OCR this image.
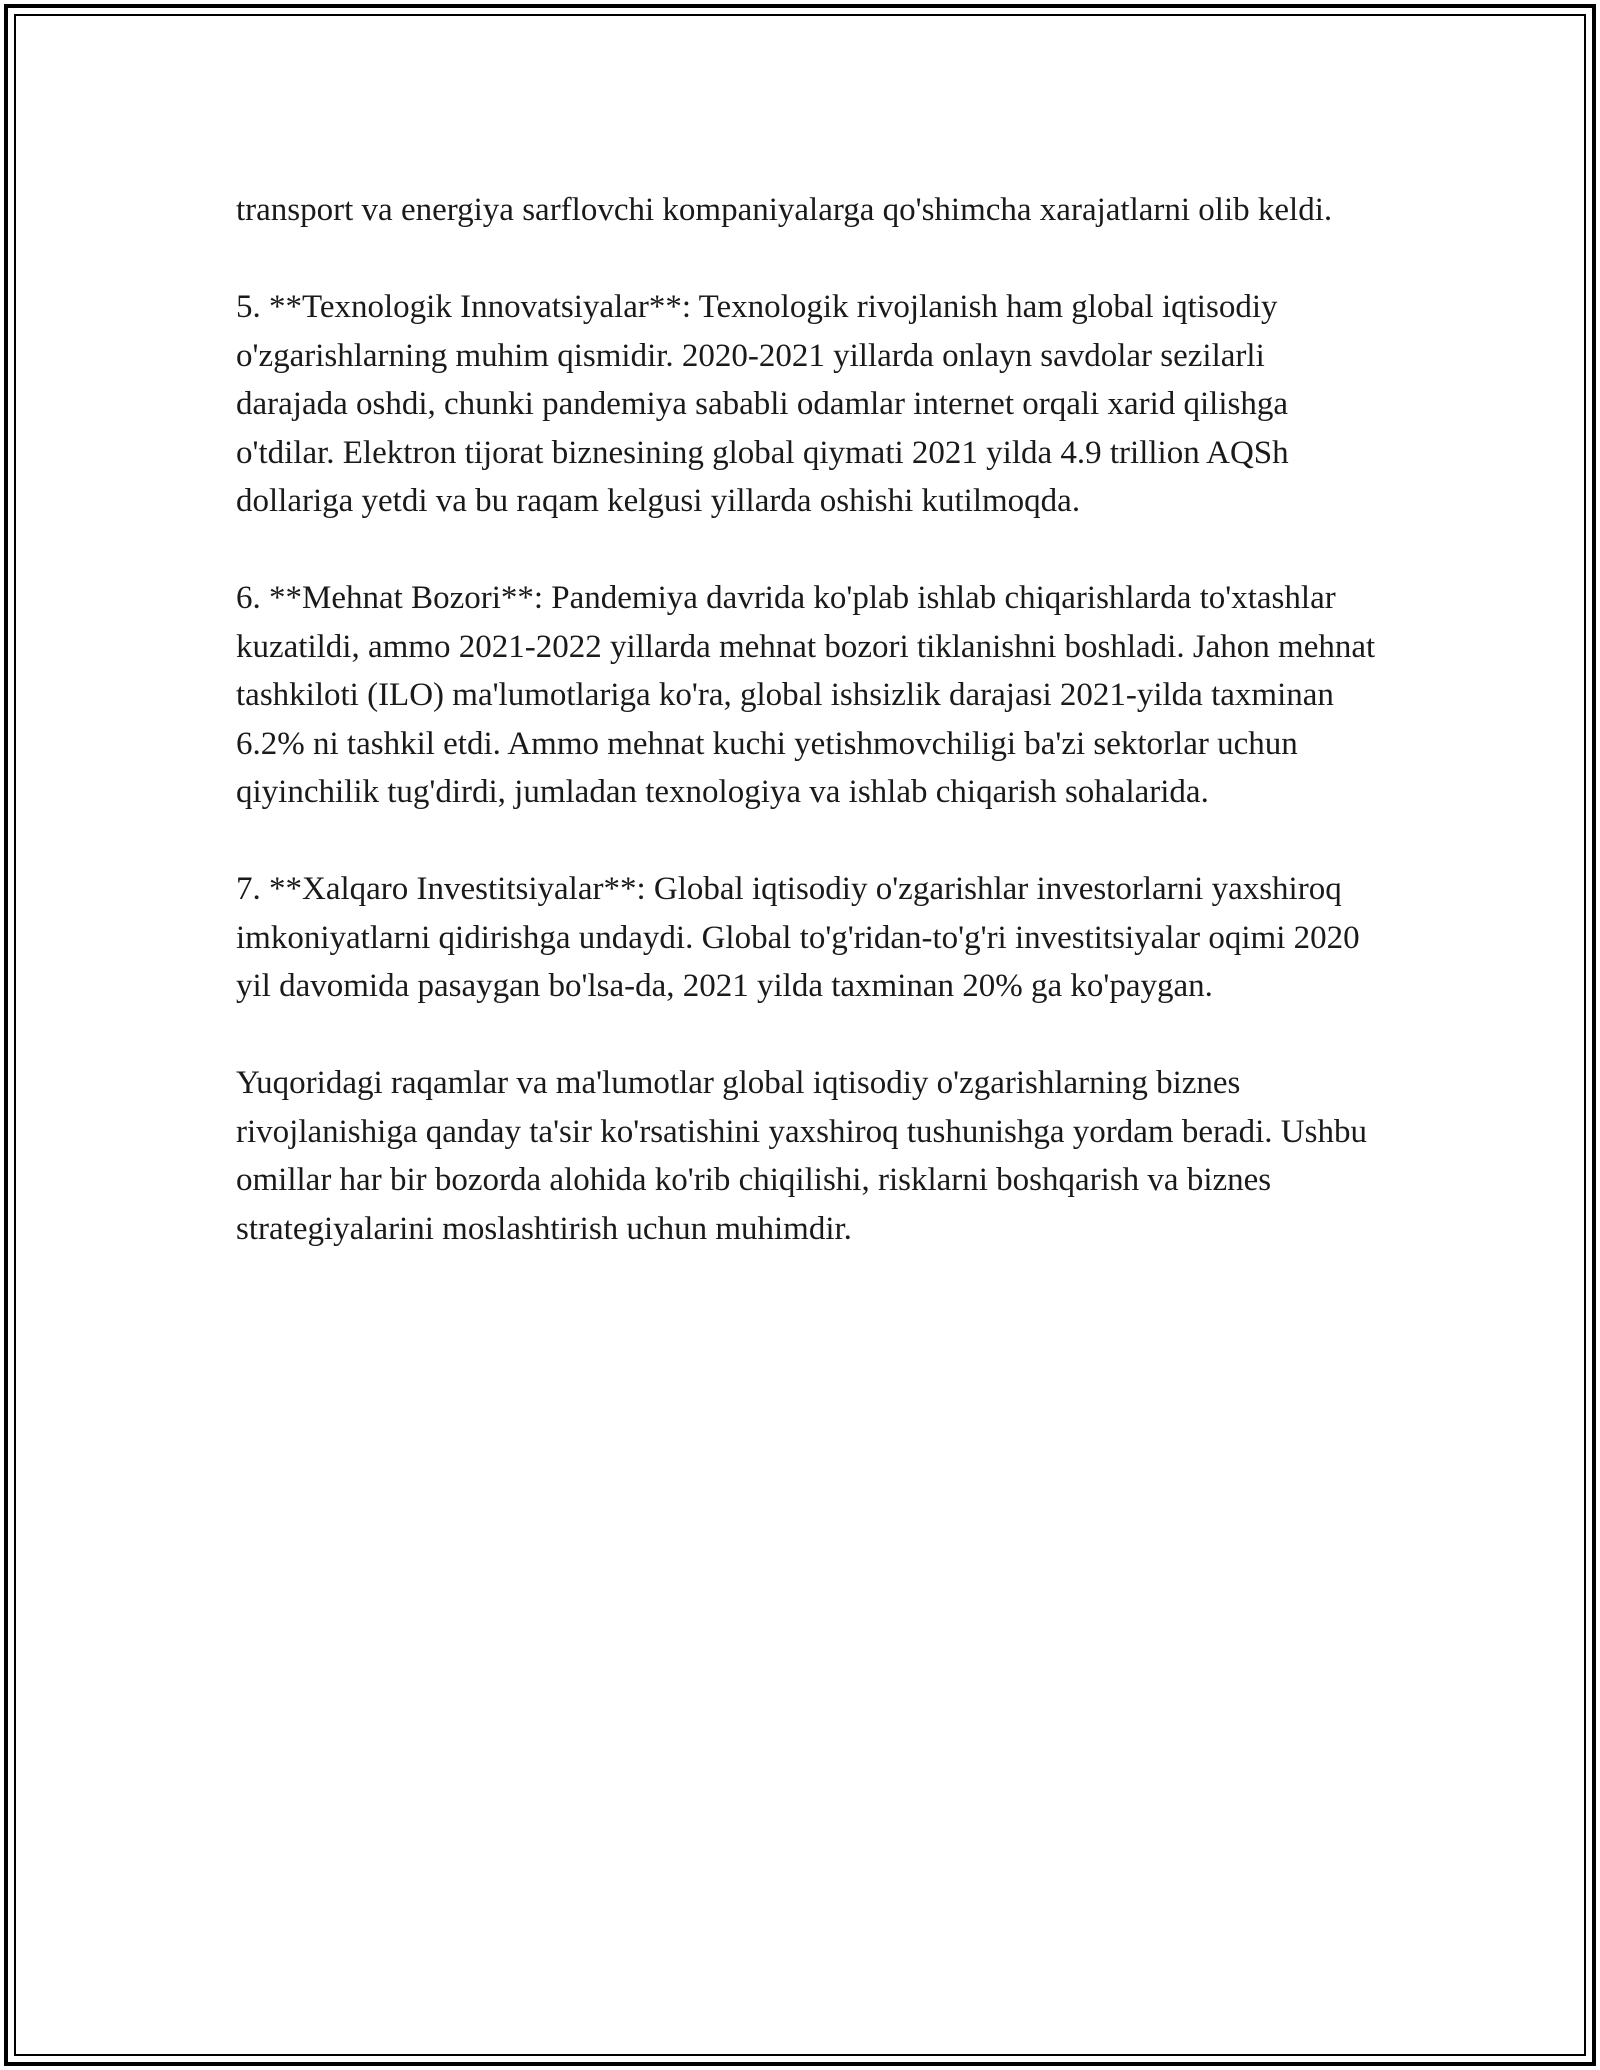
transport va energiya sarflovchi kompaniyalarga qo'shimcha xarajatlarni olib keldi.

5. **Texnologik Innovatsiyalar**: Texnologik rivojlanish ham global iqtisodiy o'zgarishlarning muhim qismidir. 2020-2021 yillarda onlayn savdolar sezilarli darajada oshdi, chunki pandemiya sababli odamlar internet orqali xarid qilishga o'tdilar. Elektron tijorat biznesining global qiymati 2021 yilda 4.9 trillion AQSh dollariga yetdi va bu raqam kelgusi yillarda oshishi kutilmoqda.

6. **Mehnat Bozori**: Pandemiya davrida ko'plab ishlab chiqarishlarda to'xtashlar kuzatildi, ammo 2021-2022 yillarda mehnat bozori tiklanishni boshladi. Jahon mehnat tashkiloti (ILO) ma'lumotlariga ko'ra, global ishsizlik darajasi 2021-yilda taxminan 6.2% ni tashkil etdi. Ammo mehnat kuchi yetishmovchiligi ba'zi sektorlar uchun qiyinchilik tug'dirdi, jumladan texnologiya va ishlab chiqarish sohalarida.

7. **Xalqaro Investitsiyalar**: Global iqtisodiy o'zgarishlar investorlarni yaxshiroq imkoniyatlarni qidirishga undaydi. Global to'g'ridan-to'g'ri investitsiyalar oqimi 2020 yil davomida pasaygan bo'lsa-da, 2021 yilda taxminan 20% ga ko'paygan.

Yuqoridagi raqamlar va ma'lumotlar global iqtisodiy o'zgarishlarning biznes rivojlanishiga qanday ta'sir ko'rsatishini yaxshiroq tushunishga yordam beradi. Ushbu omillar har bir bozorda alohida ko'rib chiqilishi, risklarni boshqarish va biznes strategiyalarini moslashtirish uchun muhimdir.
